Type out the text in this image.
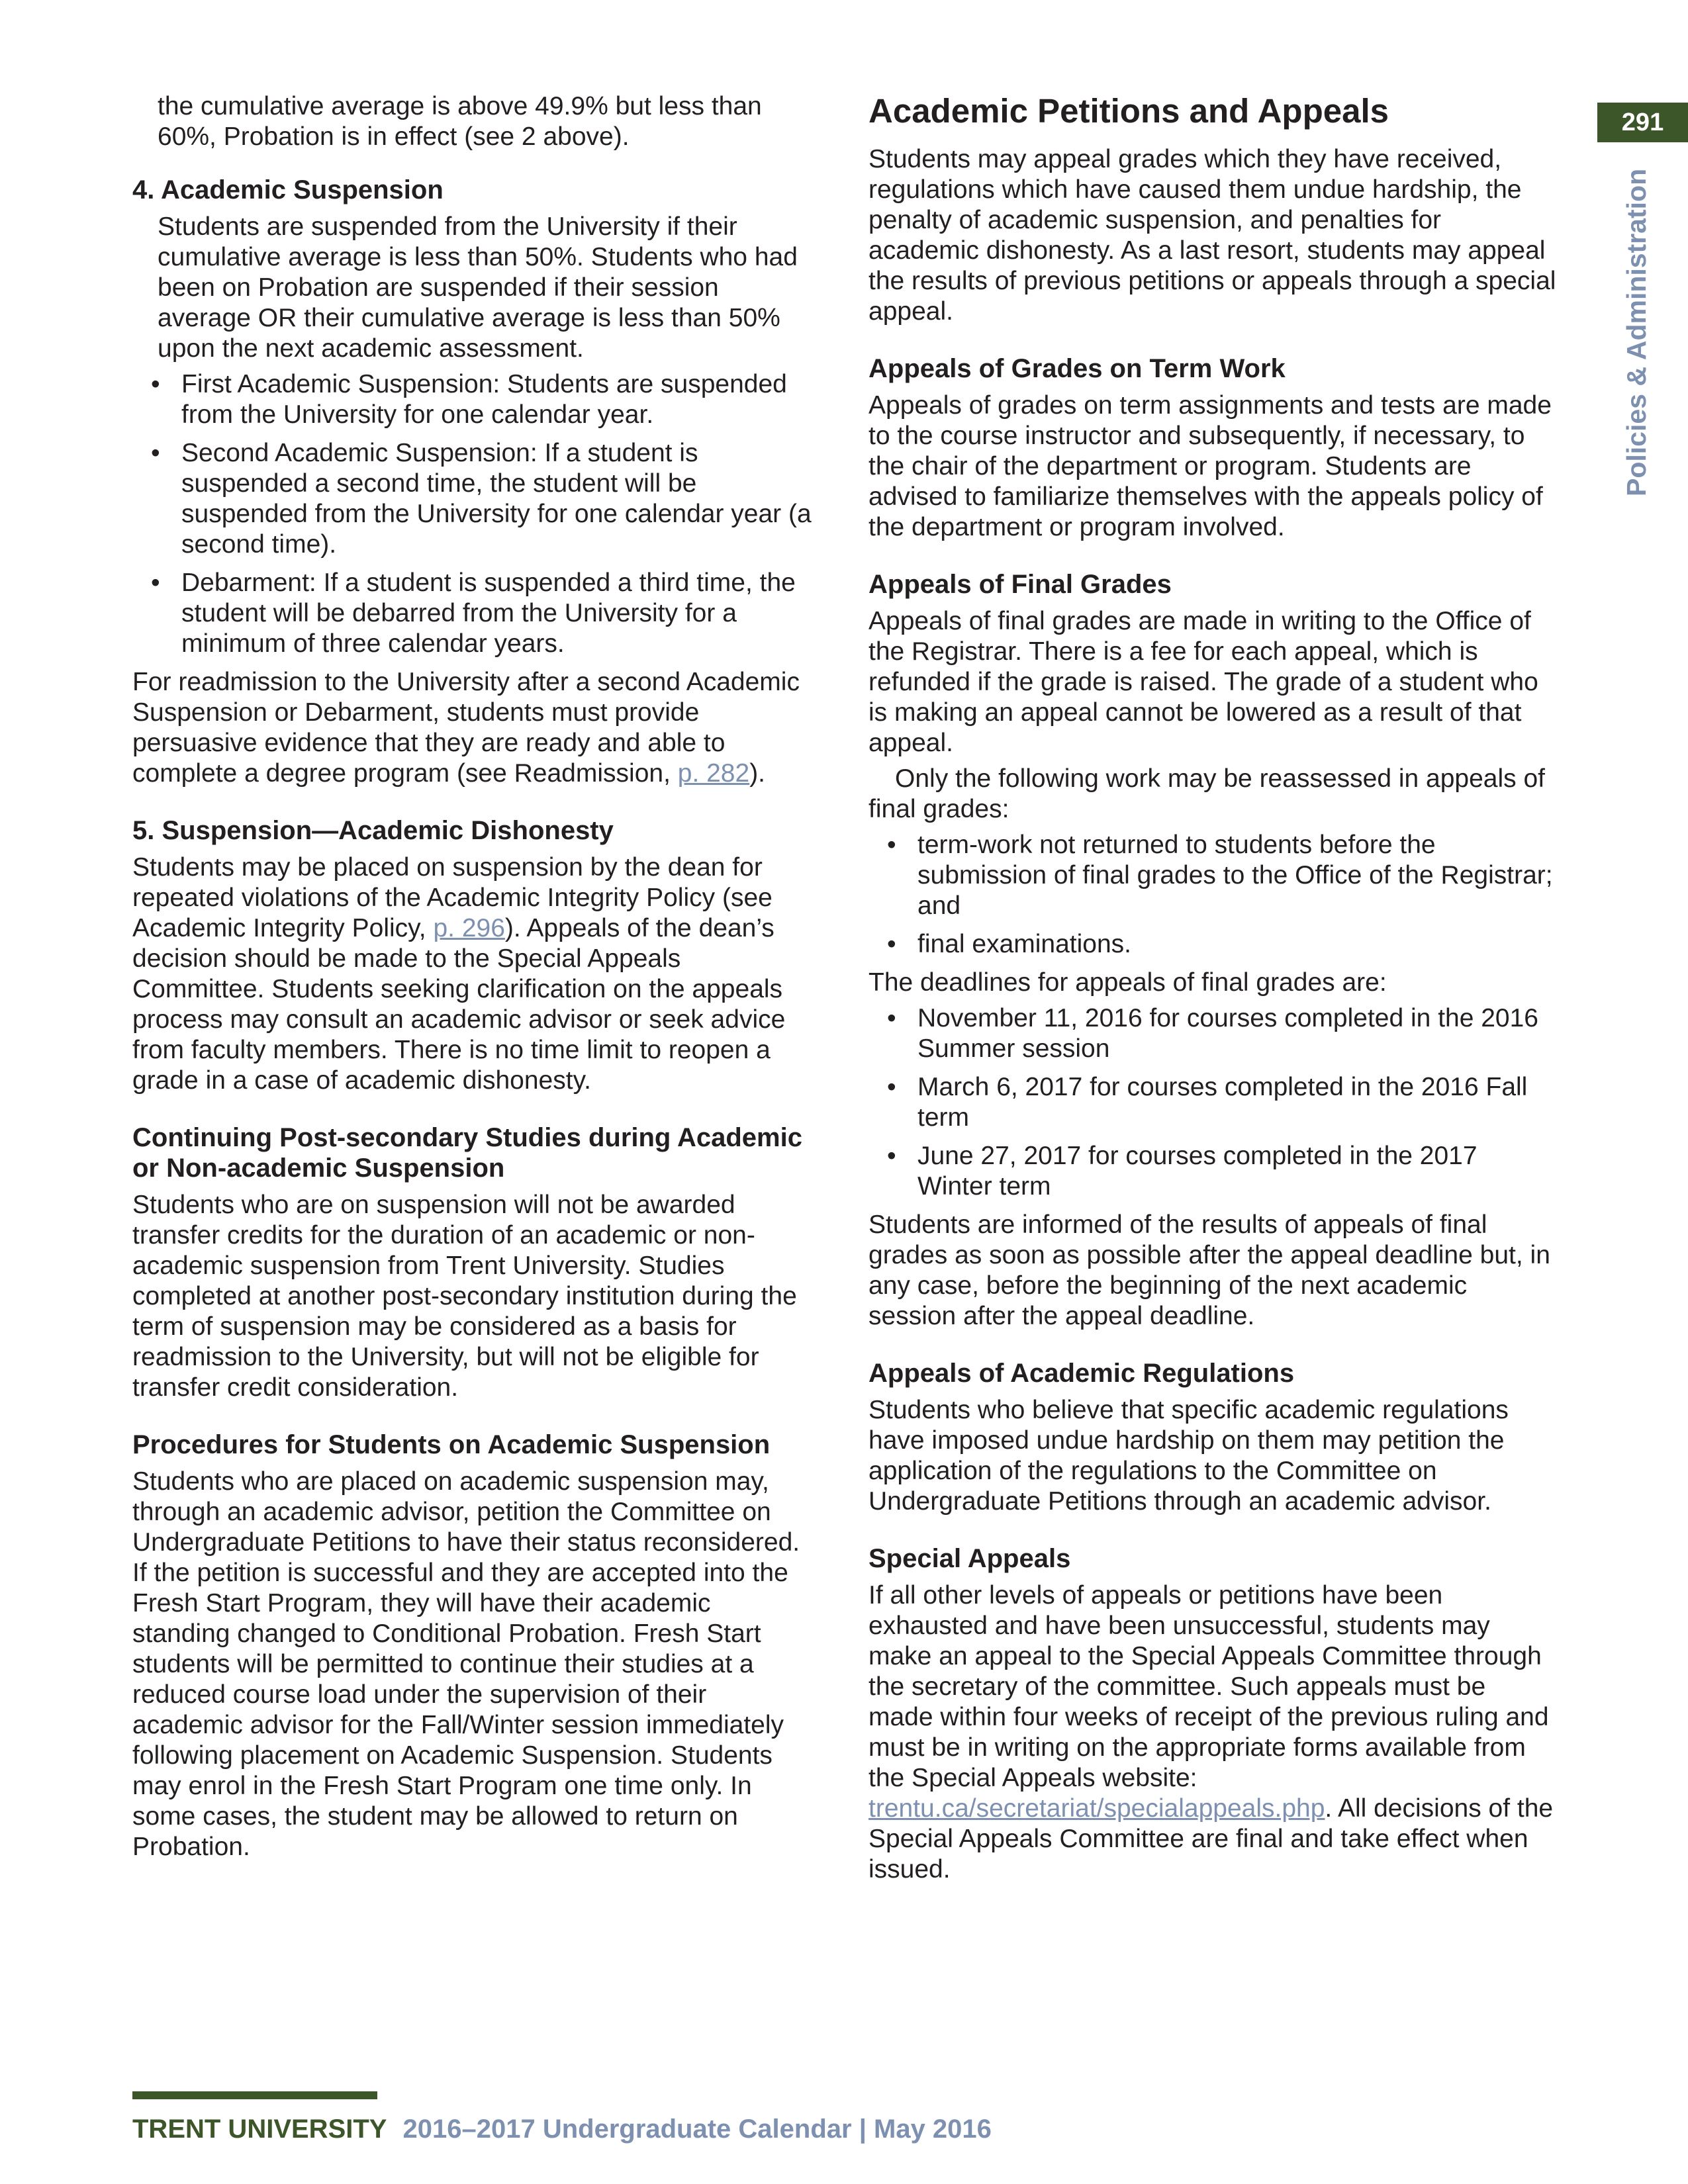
291
Policies & Administration

the cumulative average is above 49.9% but less than 60%, Probation is in effect (see 2 above).

4. Academic Suspension

Students are suspended from the University if their cumulative average is less than 50%. Students who had been on Probation are suspended if their session average OR their cumulative average is less than 50% upon the next academic assessment.

• First Academic Suspension: Students are suspended from the University for one calendar year.
• Second Academic Suspension: If a student is suspended a second time, the student will be suspended from the University for one calendar year (a second time).
• Debarment: If a student is suspended a third time, the student will be debarred from the University for a minimum of three calendar years.

For readmission to the University after a second Academic Suspension or Debarment, students must provide persuasive evidence that they are ready and able to complete a degree program (see Readmission, p. 282).

5. Suspension—Academic Dishonesty

Students may be placed on suspension by the dean for repeated violations of the Academic Integrity Policy (see Academic Integrity Policy, p. 296). Appeals of the dean’s decision should be made to the Special Appeals Committee. Students seeking clarification on the appeals process may consult an academic advisor or seek advice from faculty members. There is no time limit to reopen a grade in a case of academic dishonesty.

Continuing Post-secondary Studies during Academic or Non-academic Suspension

Students who are on suspension will not be awarded transfer credits for the duration of an academic or non-academic suspension from Trent University. Studies completed at another post-secondary institution during the term of suspension may be considered as a basis for readmission to the University, but will not be eligible for transfer credit consideration.

Procedures for Students on Academic Suspension

Students who are placed on academic suspension may, through an academic advisor, petition the Committee on Undergraduate Petitions to have their status reconsidered. If the petition is successful and they are accepted into the Fresh Start Program, they will have their academic standing changed to Conditional Probation. Fresh Start students will be permitted to continue their studies at a reduced course load under the supervision of their academic advisor for the Fall/Winter session immediately following placement on Academic Suspension. Students may enrol in the Fresh Start Program one time only. In some cases, the student may be allowed to return on Probation.

Academic Petitions and Appeals

Students may appeal grades which they have received, regulations which have caused them undue hardship, the penalty of academic suspension, and penalties for academic dishonesty. As a last resort, students may appeal the results of previous petitions or appeals through a special appeal.

Appeals of Grades on Term Work

Appeals of grades on term assignments and tests are made to the course instructor and subsequently, if necessary, to the chair of the department or program. Students are advised to familiarize themselves with the appeals policy of the department or program involved.

Appeals of Final Grades

Appeals of final grades are made in writing to the Office of the Registrar. There is a fee for each appeal, which is refunded if the grade is raised. The grade of a student who is making an appeal cannot be lowered as a result of that appeal.

Only the following work may be reassessed in appeals of final grades:

• term-work not returned to students before the submission of final grades to the Office of the Registrar; and
• final examinations.

The deadlines for appeals of final grades are:

• November 11, 2016 for courses completed in the 2016 Summer session
• March 6, 2017 for courses completed in the 2016 Fall term
• June 27, 2017 for courses completed in the 2017 Winter term

Students are informed of the results of appeals of final grades as soon as possible after the appeal deadline but, in any case, before the beginning of the next academic session after the appeal deadline.

Appeals of Academic Regulations

Students who believe that specific academic regulations have imposed undue hardship on them may petition the application of the regulations to the Committee on Undergraduate Petitions through an academic advisor.

Special Appeals

If all other levels of appeals or petitions have been exhausted and have been unsuccessful, students may make an appeal to the Special Appeals Committee through the secretary of the committee. Such appeals must be made within four weeks of receipt of the previous ruling and must be in writing on the appropriate forms available from the Special Appeals website: trentu.ca/secretariat/specialappeals.php. All decisions of the Special Appeals Committee are final and take effect when issued.

TRENT UNIVERSITY 2016–2017 Undergraduate Calendar | May 2016
